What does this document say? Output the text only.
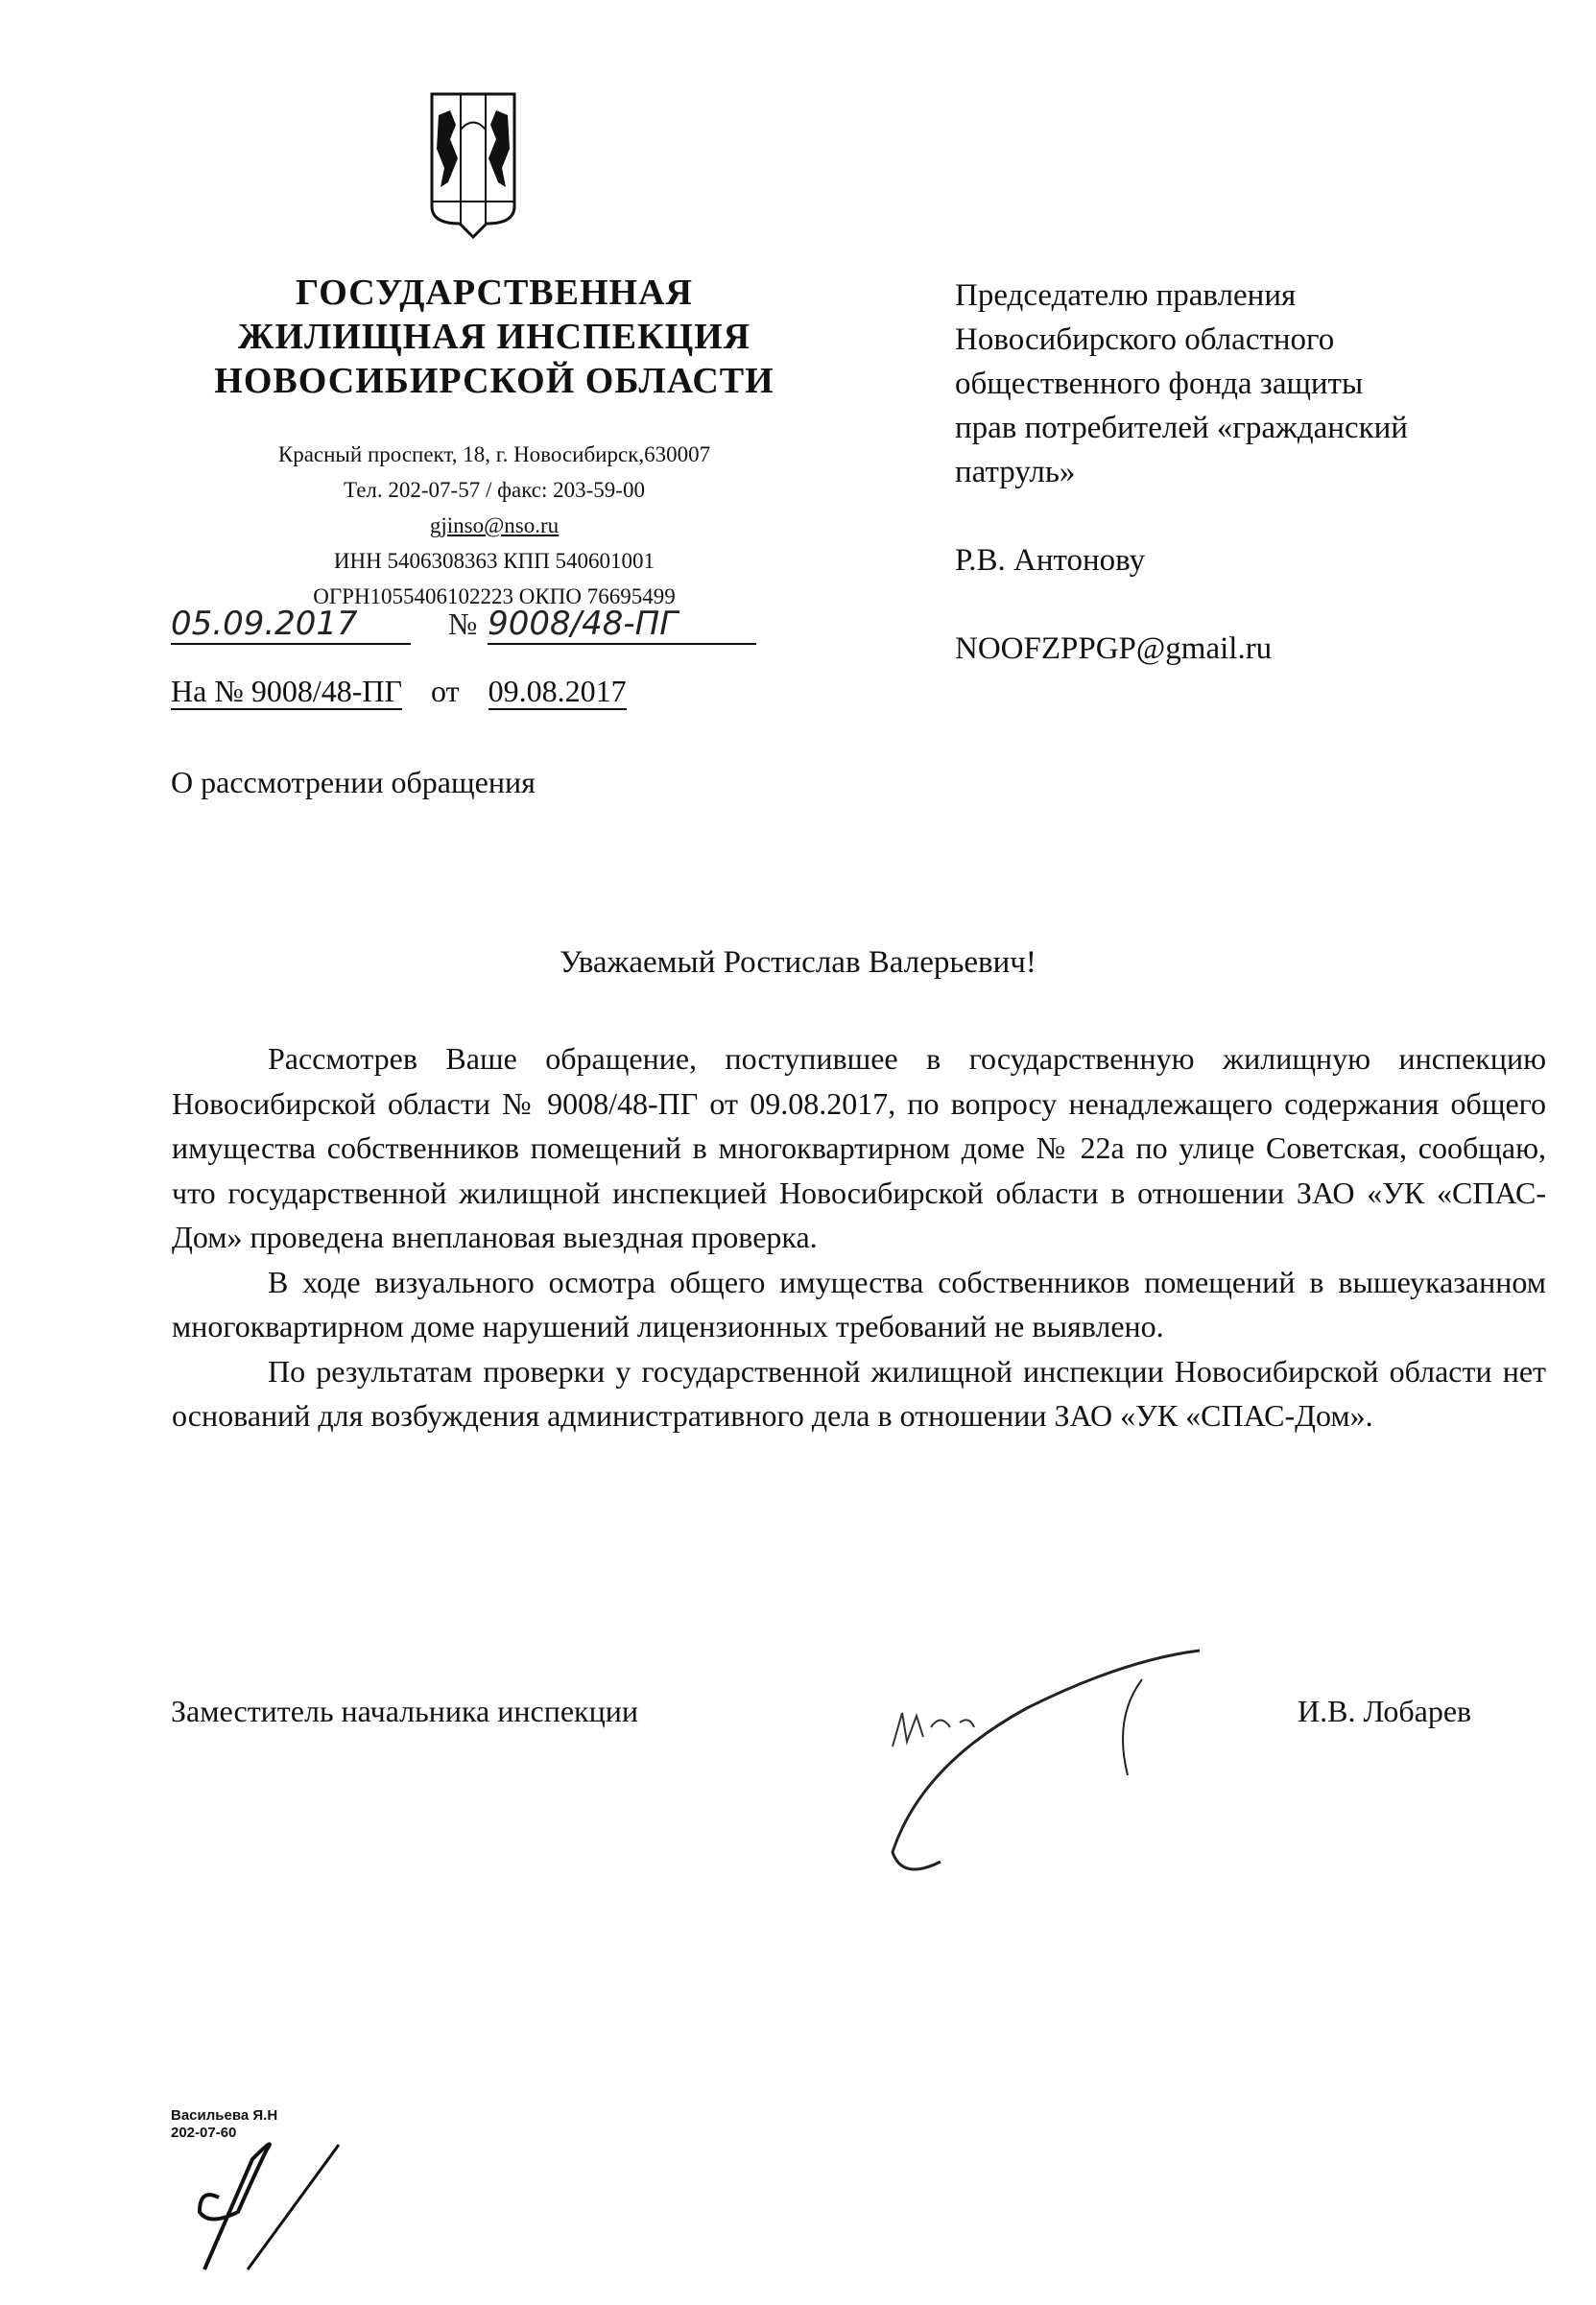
ГОСУДАРСТВЕННАЯ
ЖИЛИЩНАЯ ИНСПЕКЦИЯ
НОВОСИБИРСКОЙ ОБЛАСТИ
Красный проспект, 18, г. Новосибирск,630007
Тел. 202-07-57 / факс: 203-59-00
gjinso@nso.ru
ИНН 5406308363 КПП 540601001
ОГРН1055406102223 ОКПО 76695499
05.09.2017	№ 9008/48-ПГ
На № 9008/48-ПГ от 09.08.2017
О рассмотрении обращения
Председателю правления
Новосибирского областного
общественного фонда защиты
прав потребителей «гражданский
патруль»
Р.В. Антонову
NOOFZPPGP@gmail.ru
Уважаемый Ростислав Валерьевич!

Рассмотрев Ваше обращение, поступившее в государственную жилищную инспекцию Новосибирской области № 9008/48-ПГ от 09.08.2017, по вопросу ненадлежащего содержания общего имущества собственников помещений в многоквартирном доме № 22а по улице Советская, сообщаю, что государственной жилищной инспекцией Новосибирской области в отношении ЗАО «УК «СПАС-Дом» проведена внеплановая выездная проверка.

В ходе визуального осмотра общего имущества собственников помещений в вышеуказанном многоквартирном доме нарушений лицензионных требований не выявлено.

По результатам проверки у государственной жилищной инспекции Новосибирской области нет оснований для возбуждения административного дела в отношении ЗАО «УК «СПАС-Дом».

Заместитель начальника инспекции	И.В. Лобарев
Васильева Я.Н
202-07-60
